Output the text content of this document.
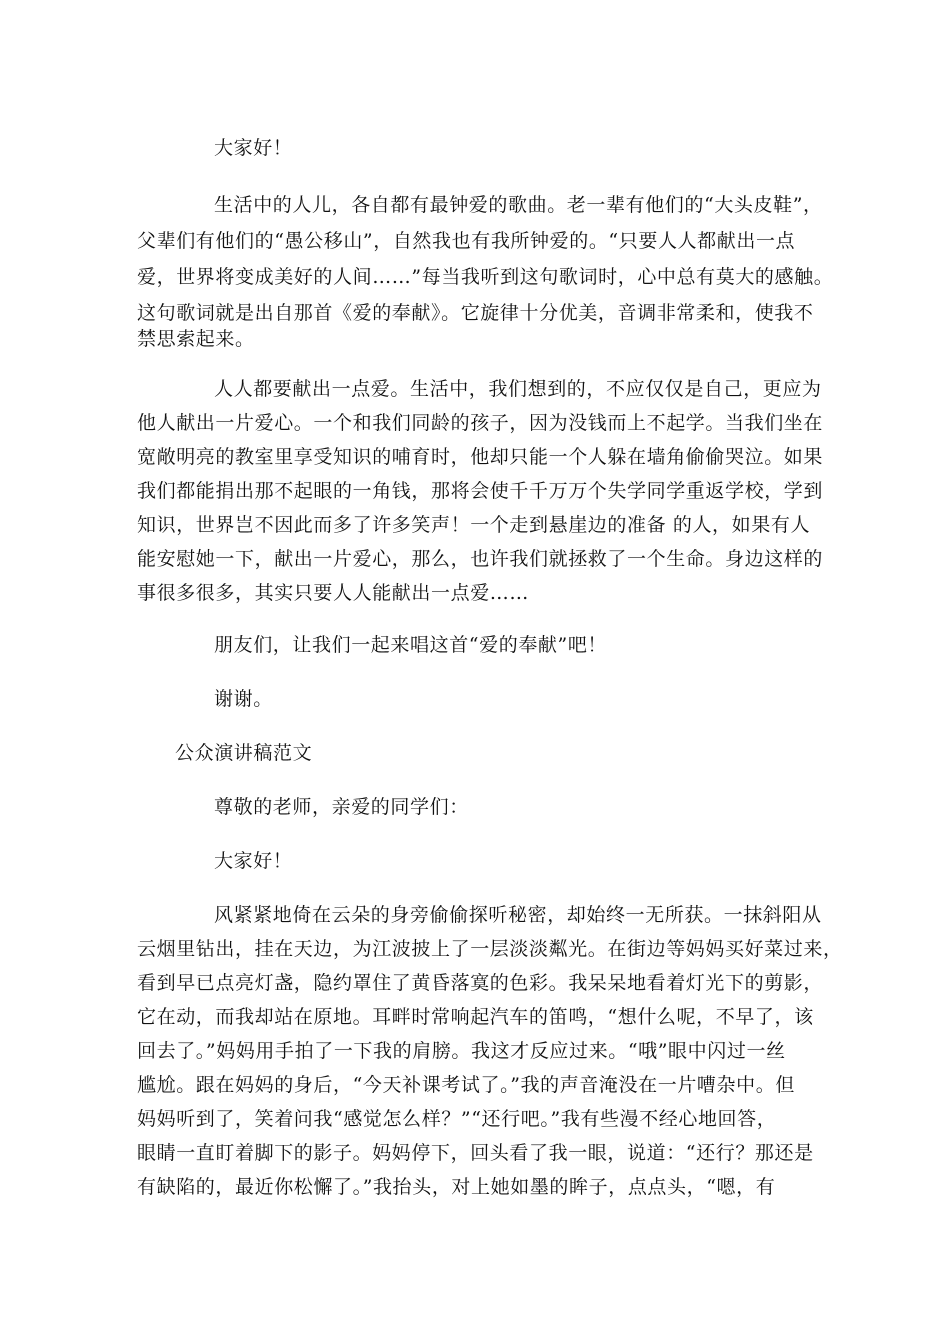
大家好！
生活中的人儿，各自都有最钟爱的歌曲。老一辈有他们的“大头皮鞋”，
父辈们有他们的“愚公移山”，自然我也有我所钟爱的。“只要人人都献出一点
爱，世界将变成美好的人间……”每当我听到这句歌词时，心中总有莫大的感触。
这句歌词就是出自那首《爱的奉献》。它旋律十分优美，音调非常柔和，使我不
禁思索起来。
人人都要献出一点爱。生活中，我们想到的，不应仅仅是自己，更应为
他人献出一片爱心。一个和我们同龄的孩子，因为没钱而上不起学。当我们坐在
宽敞明亮的教室里享受知识的哺育时，他却只能一个人躲在墙角偷偷哭泣。如果
我们都能捐出那不起眼的一角钱，那将会使千千万万个失学同学重返学校，学到
知识，世界岂不因此而多了许多笑声！一个走到悬崖边的准备 的人，如果有人
能安慰她一下，献出一片爱心，那么，也许我们就拯救了一个生命。身边这样的
事很多很多，其实只要人人能献出一点爱……
朋友们，让我们一起来唱这首“爱的奉献”吧！
谢谢。
公众演讲稿范文
尊敬的老师，亲爱的同学们：
大家好！
风紧紧地倚在云朵的身旁偷偷探听秘密，却始终一无所获。一抹斜阳从
云烟里钻出，挂在天边，为江波披上了一层淡淡粼光。在街边等妈妈买好菜过来，
看到早已点亮灯盏，隐约罩住了黄昏落寞的色彩。我呆呆地看着灯光下的剪影，
它在动，而我却站在原地。耳畔时常响起汽车的笛鸣，“想什么呢，不早了，该
回去了。”妈妈用手拍了一下我的肩膀。我这才反应过来。“哦”眼中闪过一丝
尴尬。跟在妈妈的身后，“今天补课考试了。”我的声音淹没在一片嘈杂中。但
妈妈听到了，笑着问我“感觉怎么样？”“还行吧。”我有些漫不经心地回答，
眼睛一直盯着脚下的影子。妈妈停下，回头看了我一眼，说道：“还行？那还是
有缺陷的，最近你松懈了。”我抬头，对上她如墨的眸子，点点头，“嗯，有
